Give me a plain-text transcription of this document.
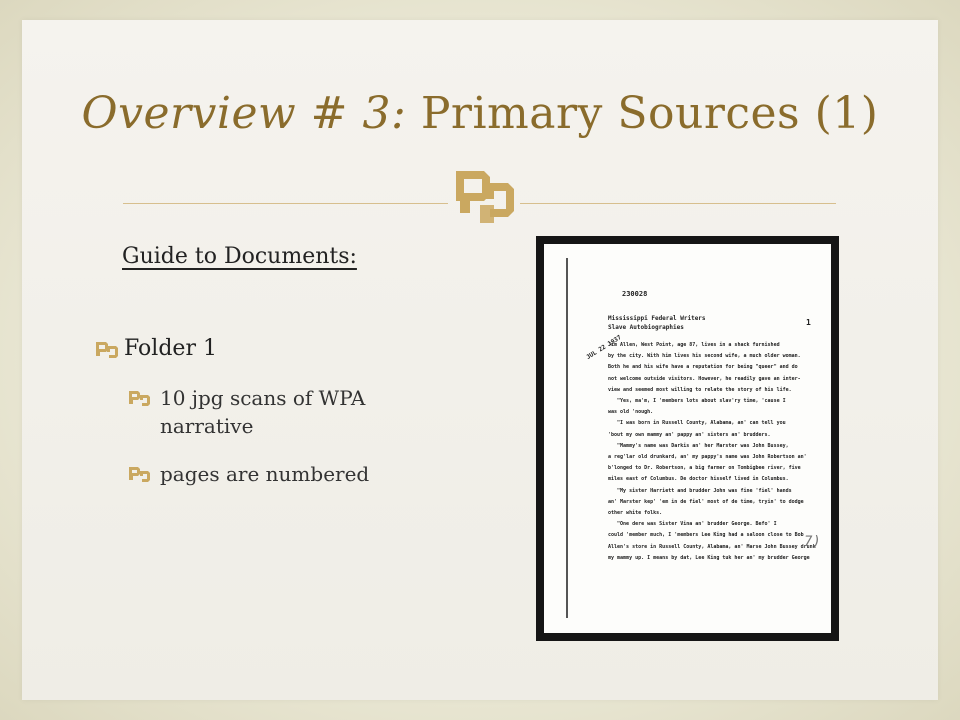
Overview # 3: Primary Sources (1)
Guide to Documents:
Folder 1
10 jpg scans of WPA narrative
pages are numbered
230028
Mississippi Federal Writers
Slave Autobiographies
1
JUL 22 1937
Jim Allen, West Point, age 87, lives in a shack furnished
by the city. With him lives his second wife, a much older woman.
Both he and his wife have a reputation for being "queer" and do
not welcome outside visitors. However, he readily gave an inter-
view and seemed most willing to relate the story of his life.
"Yes, ma'm, I 'members lots about slav'ry time, 'cause I
was old 'nough.
"I was born in Russell County, Alabama, an' can tell you
'bout my own mammy an' pappy an' sisters an' brudders.
"Mammy's name was Darkis an' her Marster was John Bussey,
a reg'lar old drunkard, an' my pappy's name was John Robertson an'
b'longed to Dr. Robertson, a big farmer on Tombigbee river, five
miles east of Columbus. De doctor hisself lived in Columbus.
"My sister Harriett and brudder John was fine 'fiel' hands
an' Marster kep' 'em in de fiel' most of de time, tryin' to dodge
other white folks.
"One dere was Sister Vina an' brudder George. Befo' I
could 'member much, I 'members Lee King had a saloon close to Bob
Allen's store in Russell County, Alabama, an' Marse John Bussey drunk
my mammy up. I means by dat, Lee King tuk her an' my brudder George
7)
